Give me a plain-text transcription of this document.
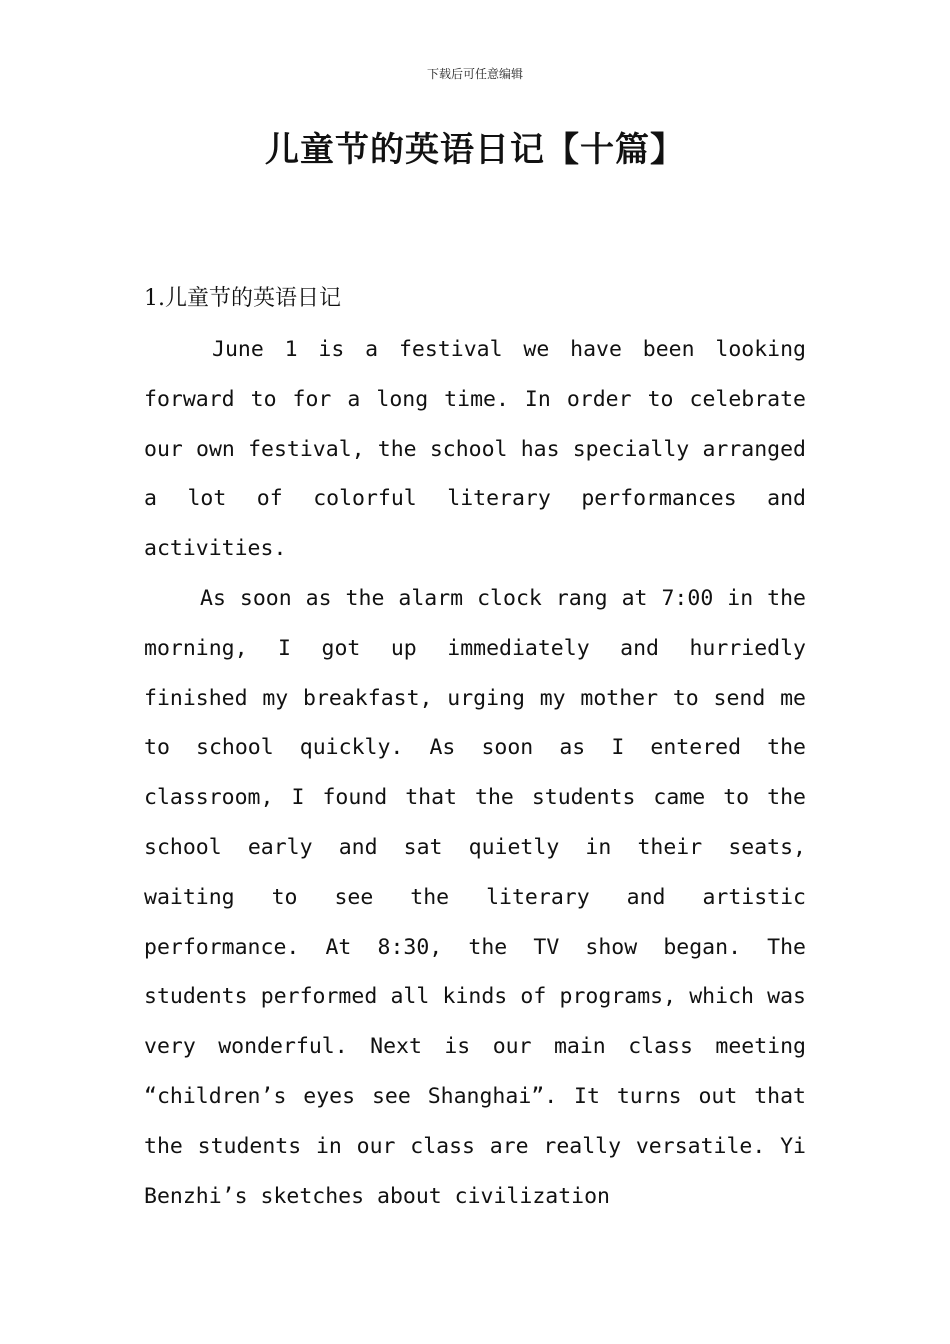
下载后可任意编辑
儿童节的英语日记【十篇】
1.儿童节的英语日记

June 1 is a festival we have been looking forward to for a long time. In order to celebrate our own festival, the school has specially arranged a lot of colorful literary performances and activities.

As soon as the alarm clock rang at 7:00 in the morning, I got up immediately and hurriedly finished my breakfast, urging my mother to send me to school quickly. As soon as I entered the classroom, I found that the students came to the school early and sat quietly in their seats, waiting to see the literary and artistic performance. At 8:30, the TV show began. The students performed all kinds of programs, which was very wonderful. Next is our main class meeting “children’s eyes see Shanghai”. It turns out that the students in our class are really versatile. Yi Benzhi’s sketches about civilization
